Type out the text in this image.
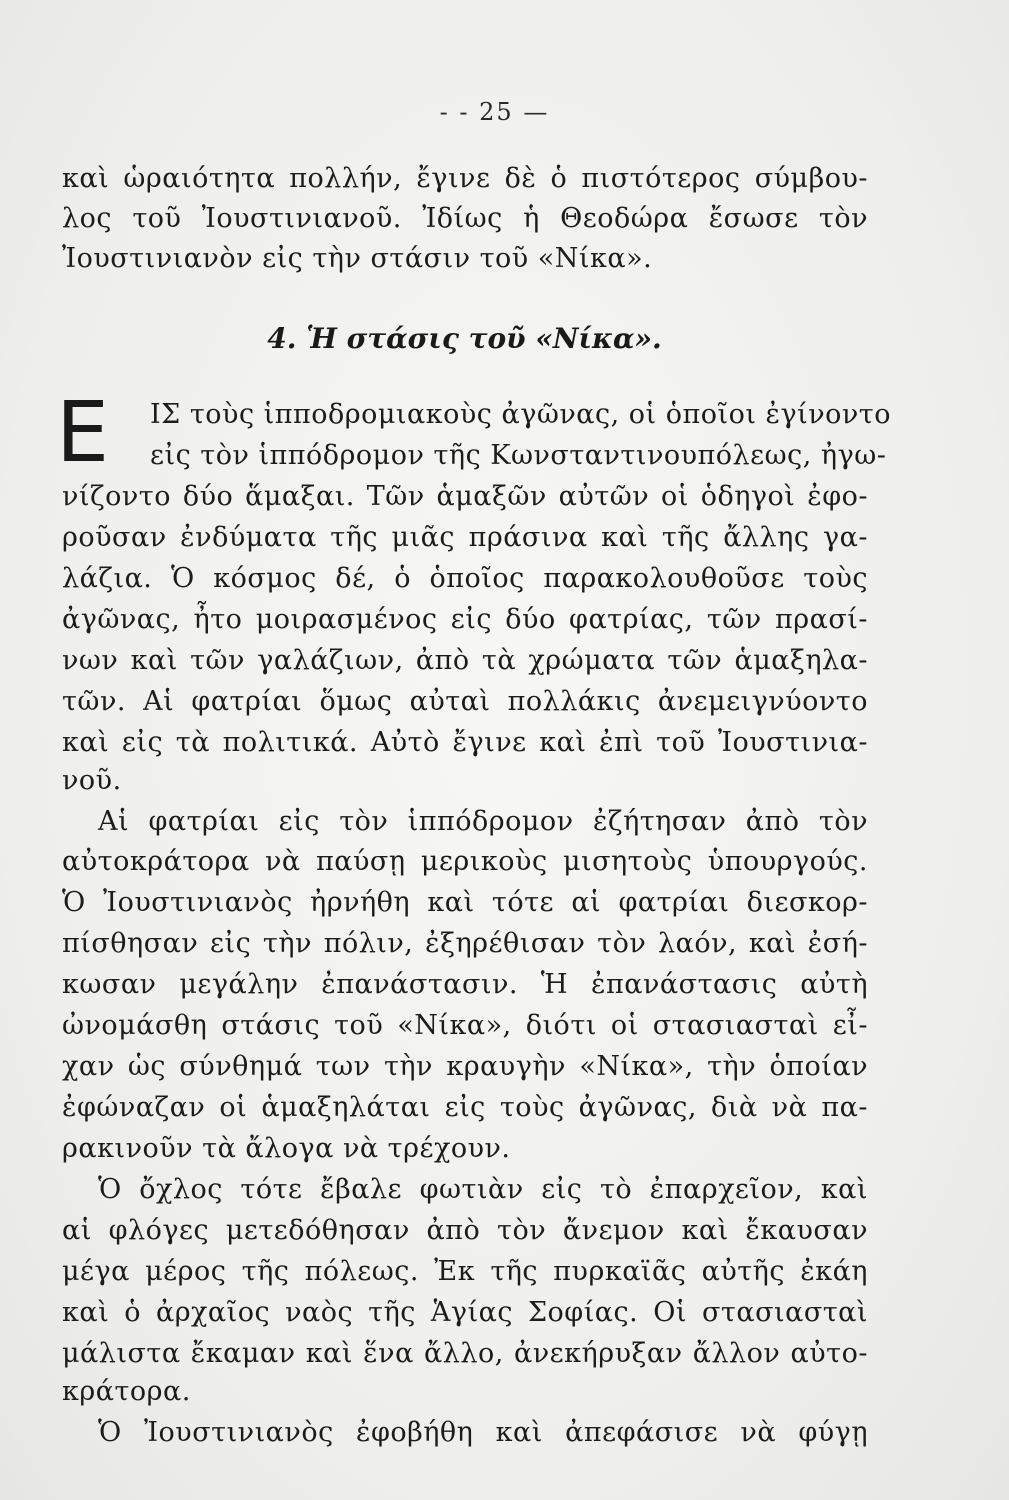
- - 25 —
καὶ ὡραιότητα πολλήν, ἔγινε δὲ ὁ πιστότερος σύμβου-
λος τοῦ Ἰουστινιανοῦ. Ἰδίως ἡ Θεοδώρα ἔσωσε τὸν
Ἰουστινιανὸν εἰς τὴν στάσιν τοῦ «Νίκα».
4. Ἡ στάσις τοῦ «Νίκα».
Ε ΙΣ τοὺς ἱπποδρομιακοὺς ἀγῶνας, οἱ ὁποῖοι ἐγίνοντο
εἰς τὸν ἱππόδρομον τῆς Κωνσταντινουπόλεως, ἠγω-
νίζοντο δύο ἅμαξαι. Τῶν ἁμαξῶν αὐτῶν οἱ ὁδηγοὶ ἐφο-
ροῦσαν ἐνδύματα τῆς μιᾶς πράσινα καὶ τῆς ἄλλης γα-
λάζια. Ὁ κόσμος δέ, ὁ ὁποῖος παρακολουθοῦσε τοὺς
ἀγῶνας, ἦτο μοιρασμένος εἰς δύο φατρίας, τῶν πρασί-
νων καὶ τῶν γαλάζιων, ἀπὸ τὰ χρώματα τῶν ἁμαξηλα-
τῶν. Αἱ φατρίαι ὅμως αὐταὶ πολλάκις ἀνεμειγνύοντο
καὶ εἰς τὰ πολιτικά. Αὐτὸ ἔγινε καὶ ἐπὶ τοῦ Ἰουστινια-
νοῦ.
Αἱ φατρίαι εἰς τὸν ἱππόδρομον ἐζήτησαν ἀπὸ τὸν
αὐτοκράτορα νὰ παύσῃ μερικοὺς μισητοὺς ὑπουργούς.
Ὁ Ἰουστινιανὸς ἠρνήθη καὶ τότε αἱ φατρίαι διεσκορ-
πίσθησαν εἰς τὴν πόλιν, ἐξηρέθισαν τὸν λαόν, καὶ ἐσή-
κωσαν μεγάλην ἐπανάστασιν. Ἡ ἐπανάστασις αὐτὴ
ὠνομάσθη στάσις τοῦ «Νίκα», διότι οἱ στασιασταὶ εἶ-
χαν ὡς σύνθημά των τὴν κραυγὴν «Νίκα», τὴν ὁποίαν
ἐφώναζαν οἱ ἁμαξηλάται εἰς τοὺς ἀγῶνας, διὰ νὰ πα-
ρακινοῦν τὰ ἄλογα νὰ τρέχουν.
Ὁ ὄχλος τότε ἔβαλε φωτιὰν εἰς τὸ ἐπαρχεῖον, καὶ
αἱ φλόγες μετεδόθησαν ἀπὸ τὸν ἄνεμον καὶ ἔκαυσαν
μέγα μέρος τῆς πόλεως. Ἐκ τῆς πυρκαϊᾶς αὐτῆς ἐκάη
καὶ ὁ ἀρχαῖος ναὸς τῆς Ἁγίας Σοφίας. Οἱ στασιασταὶ
μάλιστα ἔκαμαν καὶ ἕνα ἄλλο, ἀνεκήρυξαν ἄλλον αὐτο-
κράτορα.
Ὁ Ἰουστινιανὸς ἐφοβήθη καὶ ἀπεφάσισε νὰ φύγῃ
